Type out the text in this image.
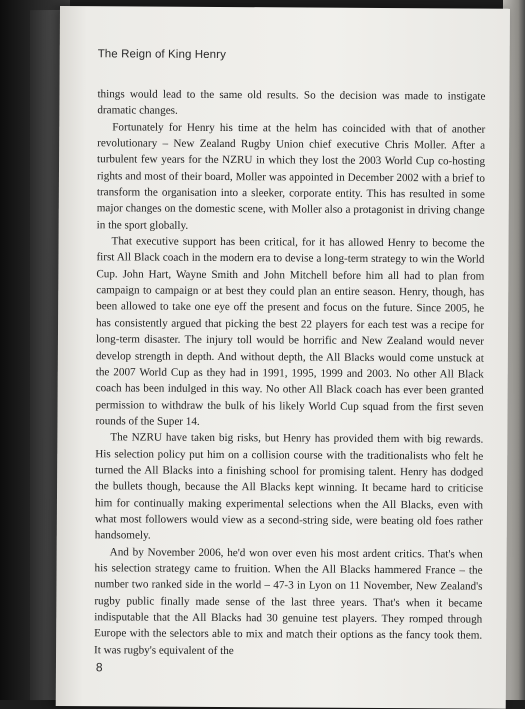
The Reign of King Henry

things would lead to the same old results. So the decision was made to instigate dramatic changes.

Fortunately for Henry his time at the helm has coincided with that of another revolutionary – New Zealand Rugby Union chief executive Chris Moller. After a turbulent few years for the NZRU in which they lost the 2003 World Cup co-hosting rights and most of their board, Moller was appointed in December 2002 with a brief to transform the organisation into a sleeker, corporate entity. This has resulted in some major changes on the domestic scene, with Moller also a protagonist in driving change in the sport globally.

That executive support has been critical, for it has allowed Henry to become the first All Black coach in the modern era to devise a long-term strategy to win the World Cup. John Hart, Wayne Smith and John Mitchell before him all had to plan from campaign to campaign or at best they could plan an entire season. Henry, though, has been allowed to take one eye off the present and focus on the future. Since 2005, he has consistently argued that picking the best 22 players for each test was a recipe for long-term disaster. The injury toll would be horrific and New Zealand would never develop strength in depth. And without depth, the All Blacks would come unstuck at the 2007 World Cup as they had in 1991, 1995, 1999 and 2003. No other All Black coach has been indulged in this way. No other All Black coach has ever been granted permission to withdraw the bulk of his likely World Cup squad from the first seven rounds of the Super 14.

The NZRU have taken big risks, but Henry has provided them with big rewards. His selection policy put him on a collision course with the traditionalists who felt he turned the All Blacks into a finishing school for promising talent. Henry has dodged the bullets though, because the All Blacks kept winning. It became hard to criticise him for continually making experimental selections when the All Blacks, even with what most followers would view as a second-string side, were beating old foes rather handsomely.

And by November 2006, he'd won over even his most ardent critics. That's when his selection strategy came to fruition. When the All Blacks hammered France – the number two ranked side in the world – 47-3 in Lyon on 11 November, New Zealand's rugby public finally made sense of the last three years. That's when it became indisputable that the All Blacks had 30 genuine test players. They romped through Europe with the selectors able to mix and match their options as the fancy took them. It was rugby's equivalent of the

8
